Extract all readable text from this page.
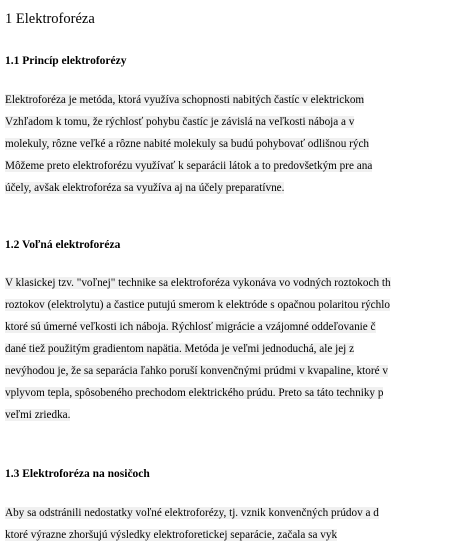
1 Elektroforéza
1.1 Princíp elektroforézy
Elektroforéza je metóda, ktorá využíva schopnosti nabitých častíc v elektrickom
Vzhľadom k tomu, že rýchlosť pohybu častíc je závislá na veľkosti náboja a v
molekuly, rôzne veľké a rôzne nabité molekuly sa budú pohybovať odlišnou rých
Môžeme preto elektroforézu využívať k separácii látok a to predovšetkým pre ana
účely, avšak elektroforéza sa využíva aj na účely preparatívne.
1.2 Voľná elektroforéza
V klasickej tzv. "voľnej" technike sa elektroforéza vykonáva vo vodných roztokoch th
roztokov (elektrolytu) a častice putujú smerom k elektróde s opačnou polaritou rýchlo
ktoré sú úmerné veľkosti ich náboja. Rýchlosť migrácie a vzájomné oddeľovanie č
dané tiež použitým gradientom napätia. Metóda je veľmi jednoduchá, ale jej z
nevýhodou je, že sa separácia ľahko poruší konvenčnými prúdmi v kvapaline, ktoré v
vplyvom tepla, spôsobeného prechodom elektrického prúdu. Preto sa táto techniky p
veľmi zriedka.
1.3 Elektroforéza na nosičoch
Aby sa odstránili nedostatky voľné elektroforézy, tj. vznik konvenčných prúdov a d
ktoré výrazne zhoršujú výsledky elektroforetickej separácie, začala sa vyk
